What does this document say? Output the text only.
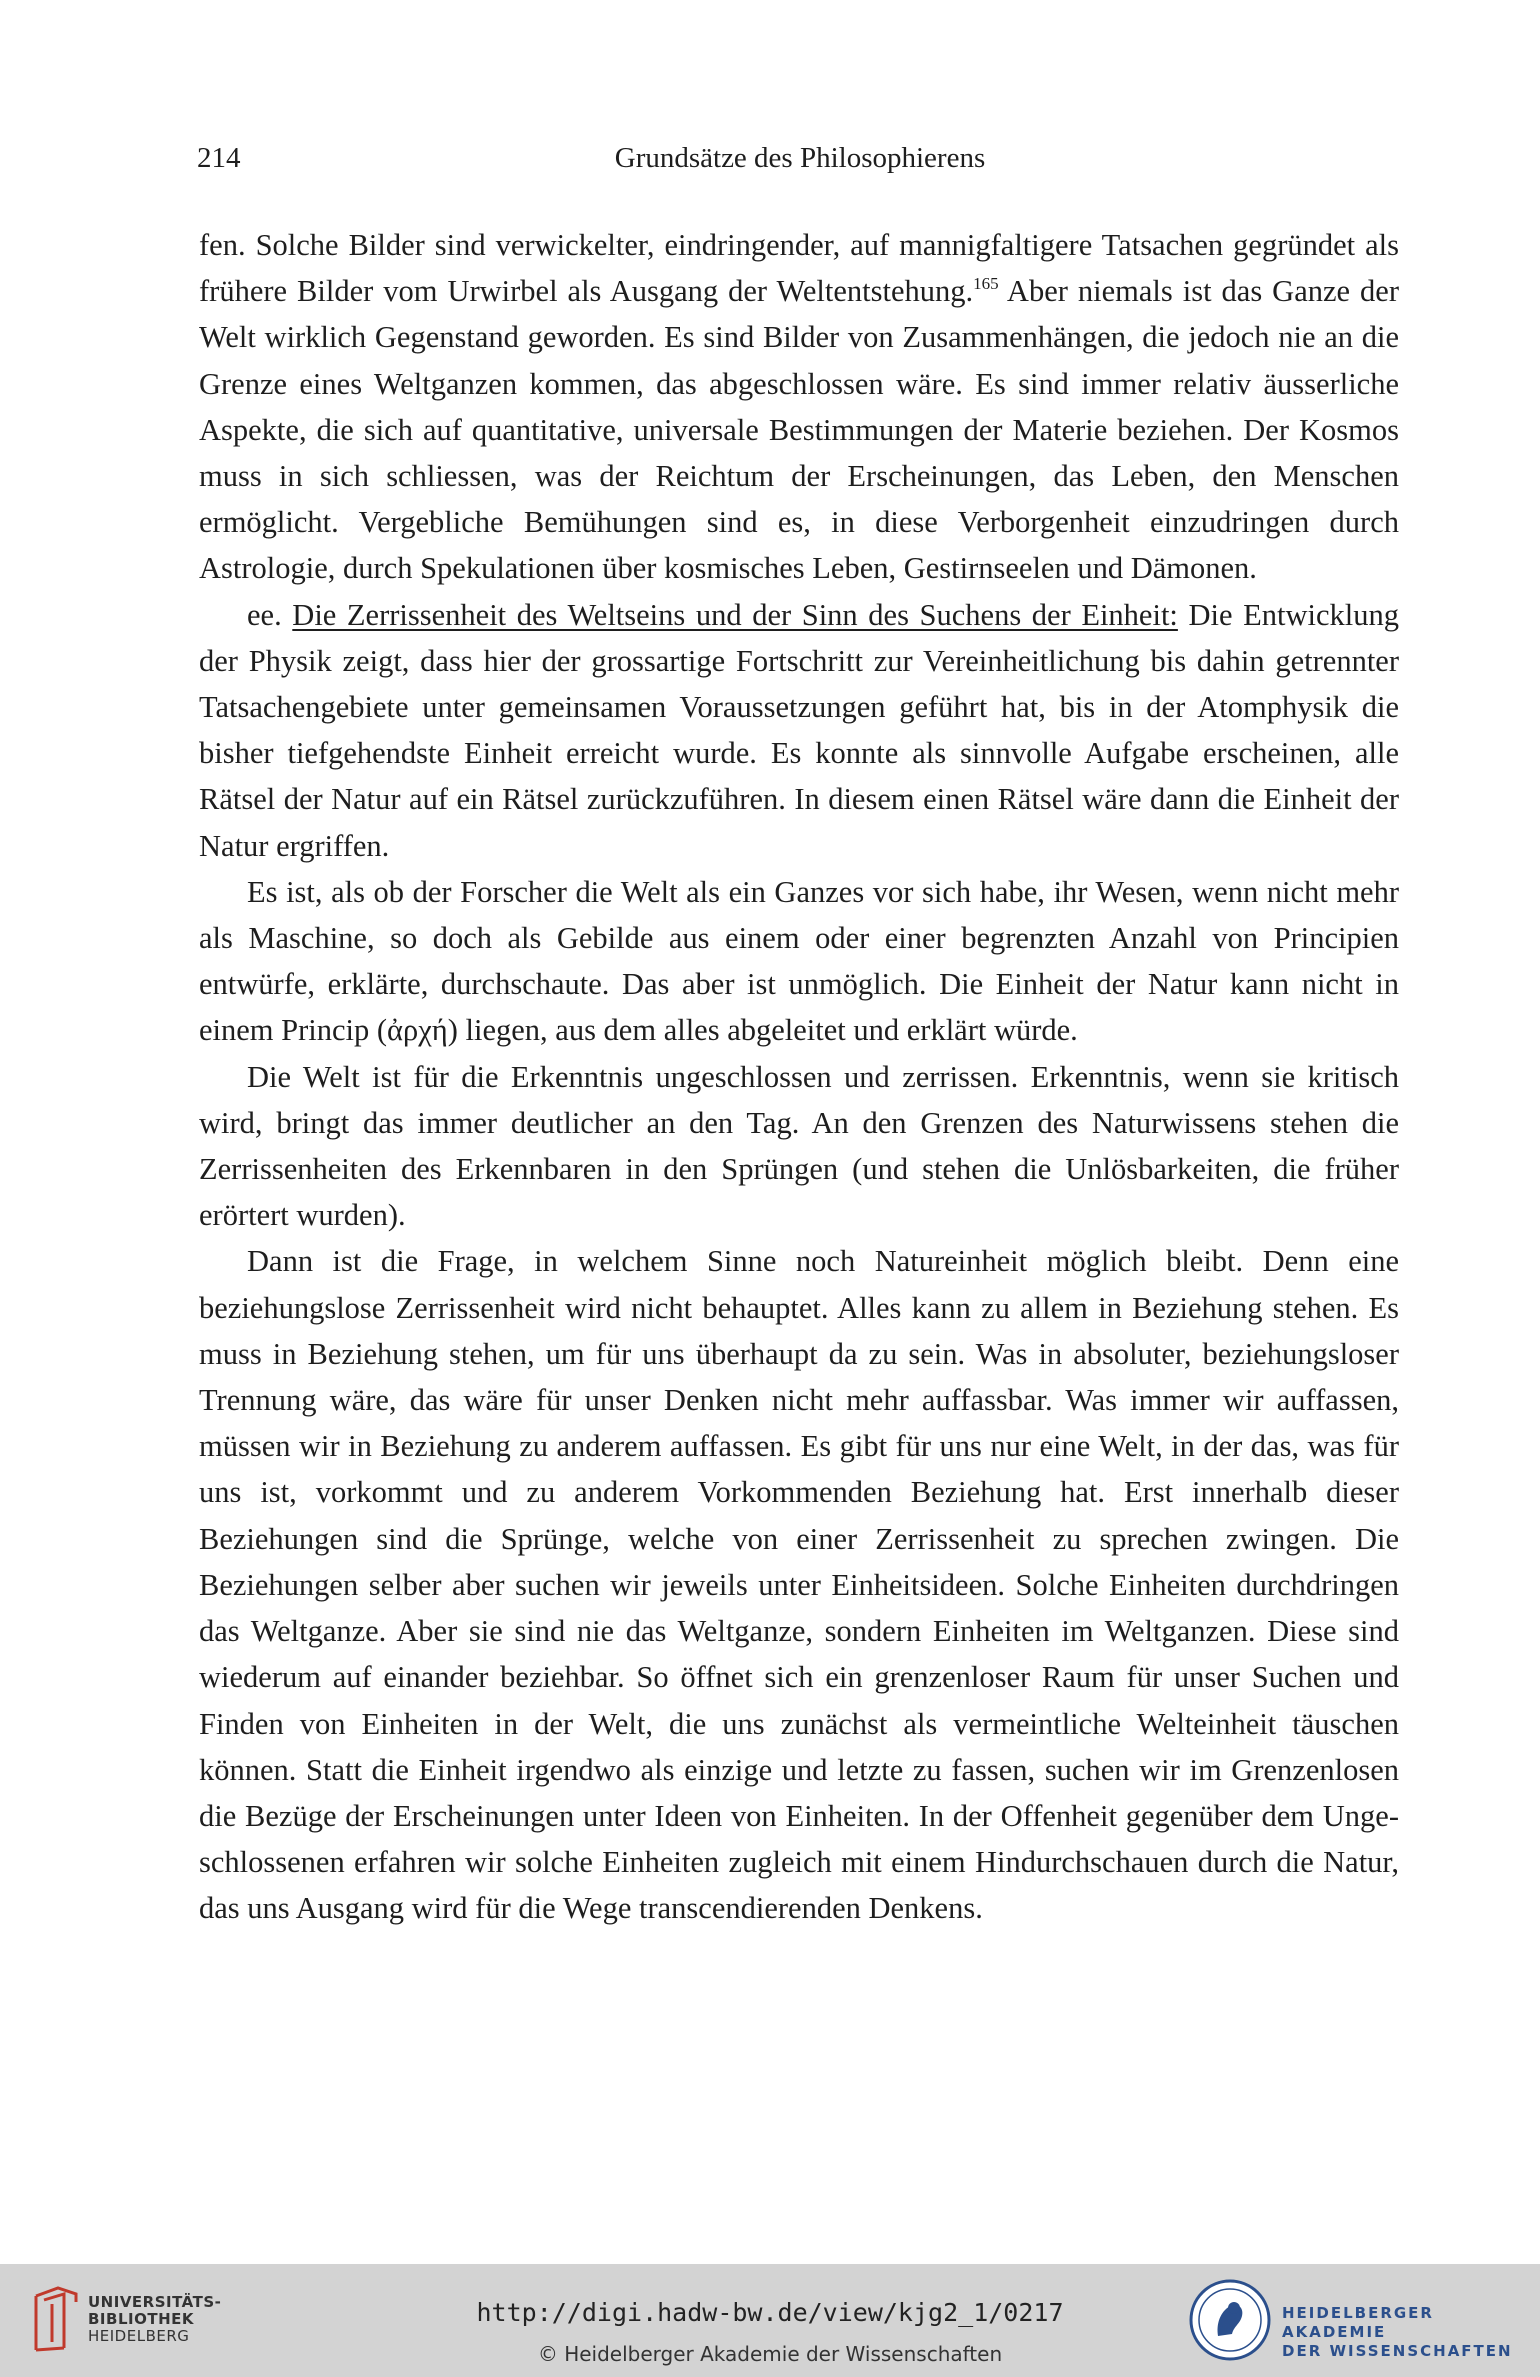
214	Grundsätze des Philosophierens

fen. Solche Bilder sind verwickelter, eindringender, auf mannigfaltigere Tatsachen gegründet als frühere Bilder vom Urwirbel als Ausgang der Weltentstehung.$^{165}$ Aber niemals ist das Ganze der Welt wirklich Gegenstand geworden. Es sind Bilder von Zusammenhängen, die jedoch nie an die Grenze eines Weltganzen kommen, das abgeschlossen wäre. Es sind immer relativ äusserliche Aspekte, die sich auf quantitative, universale Bestimmungen der Materie beziehen. Der Kosmos muss in sich schliessen, was der Reichtum der Erscheinungen, das Leben, den Menschen ermöglicht. Vergebliche Bemühungen sind es, in diese Verborgenheit einzudringen durch Astrologie, durch Spekulationen über kosmisches Leben, Gestirnseelen und Dämonen.

ee. Die Zerrissenheit des Weltseins und der Sinn des Suchens der Einheit: Die Entwicklung der Physik zeigt, dass hier der grossartige Fortschritt zur Vereinheitlichung bis dahin getrennter Tatsachengebiete unter gemeinsamen Voraussetzungen geführt hat, bis in der Atomphysik die bisher tiefgehendste Einheit erreicht wurde. Es konnte als sinnvolle Aufgabe erscheinen, alle Rätsel der Natur auf ein Rätsel zurückzuführen. In diesem einen Rätsel wäre dann die Einheit der Natur ergriffen.

Es ist, als ob der Forscher die Welt als ein Ganzes vor sich habe, ihr Wesen, wenn nicht mehr als Maschine, so doch als Gebilde aus einem oder einer begrenzten Anzahl von Principien entwürfe, erklärte, durchschaute. Das aber ist unmöglich. Die Einheit der Natur kann nicht in einem Princip (ἀρχή) liegen, aus dem alles abgeleitet und erklärt würde.

Die Welt ist für die Erkenntnis ungeschlossen und zerrissen. Erkenntnis, wenn sie kritisch wird, bringt das immer deutlicher an den Tag. An den Grenzen des Naturwissens stehen die Zerrissenheiten des Erkennbaren in den Sprüngen (und stehen die Unlösbarkeiten, die früher erörtert wurden).

Dann ist die Frage, in welchem Sinne noch Natureinheit möglich bleibt. Denn eine beziehungslose Zerrissenheit wird nicht behauptet. Alles kann zu allem in Beziehung stehen. Es muss in Beziehung stehen, um für uns überhaupt da zu sein. Was in absoluter, beziehungsloser Trennung wäre, das wäre für unser Denken nicht mehr auffassbar. Was immer wir auffassen, müssen wir in Beziehung zu anderem auffassen. Es gibt für uns nur eine Welt, in der das, was für uns ist, vorkommt und zu anderem Vorkommenden Beziehung hat. Erst innerhalb dieser Beziehungen sind die Sprünge, welche von einer Zerrissenheit zu sprechen zwingen. Die Beziehungen selber aber suchen wir jeweils unter Einheitsideen. Solche Einheiten durchdringen das Weltganze. Aber sie sind nie das Weltganze, sondern Einheiten im Weltganzen. Diese sind wiederum auf einander beziehbar. So öffnet sich ein grenzenloser Raum für unser Suchen und Finden von Einheiten in der Welt, die uns zunächst als vermeintliche Welteinheit täuschen können. Statt die Einheit irgendwo als einzige und letzte zu fassen, suchen wir im Grenzenlosen die Bezüge der Erscheinungen unter Ideen von Einheiten. In der Offenheit gegenüber dem Ungeschlossenen erfahren wir solche Einheiten zugleich mit einem Hindurchschauen durch die Natur, das uns Ausgang wird für die Wege transcendierenden Denkens.

UNIVERSITÄTS-
BIBLIOTHEK
HEIDELBERG
http://digi.hadw-bw.de/view/kjg2_1/0217
© Heidelberger Akademie der Wissenschaften
HEIDELBERGER AKADEMIE
DER WISSENSCHAFTEN
